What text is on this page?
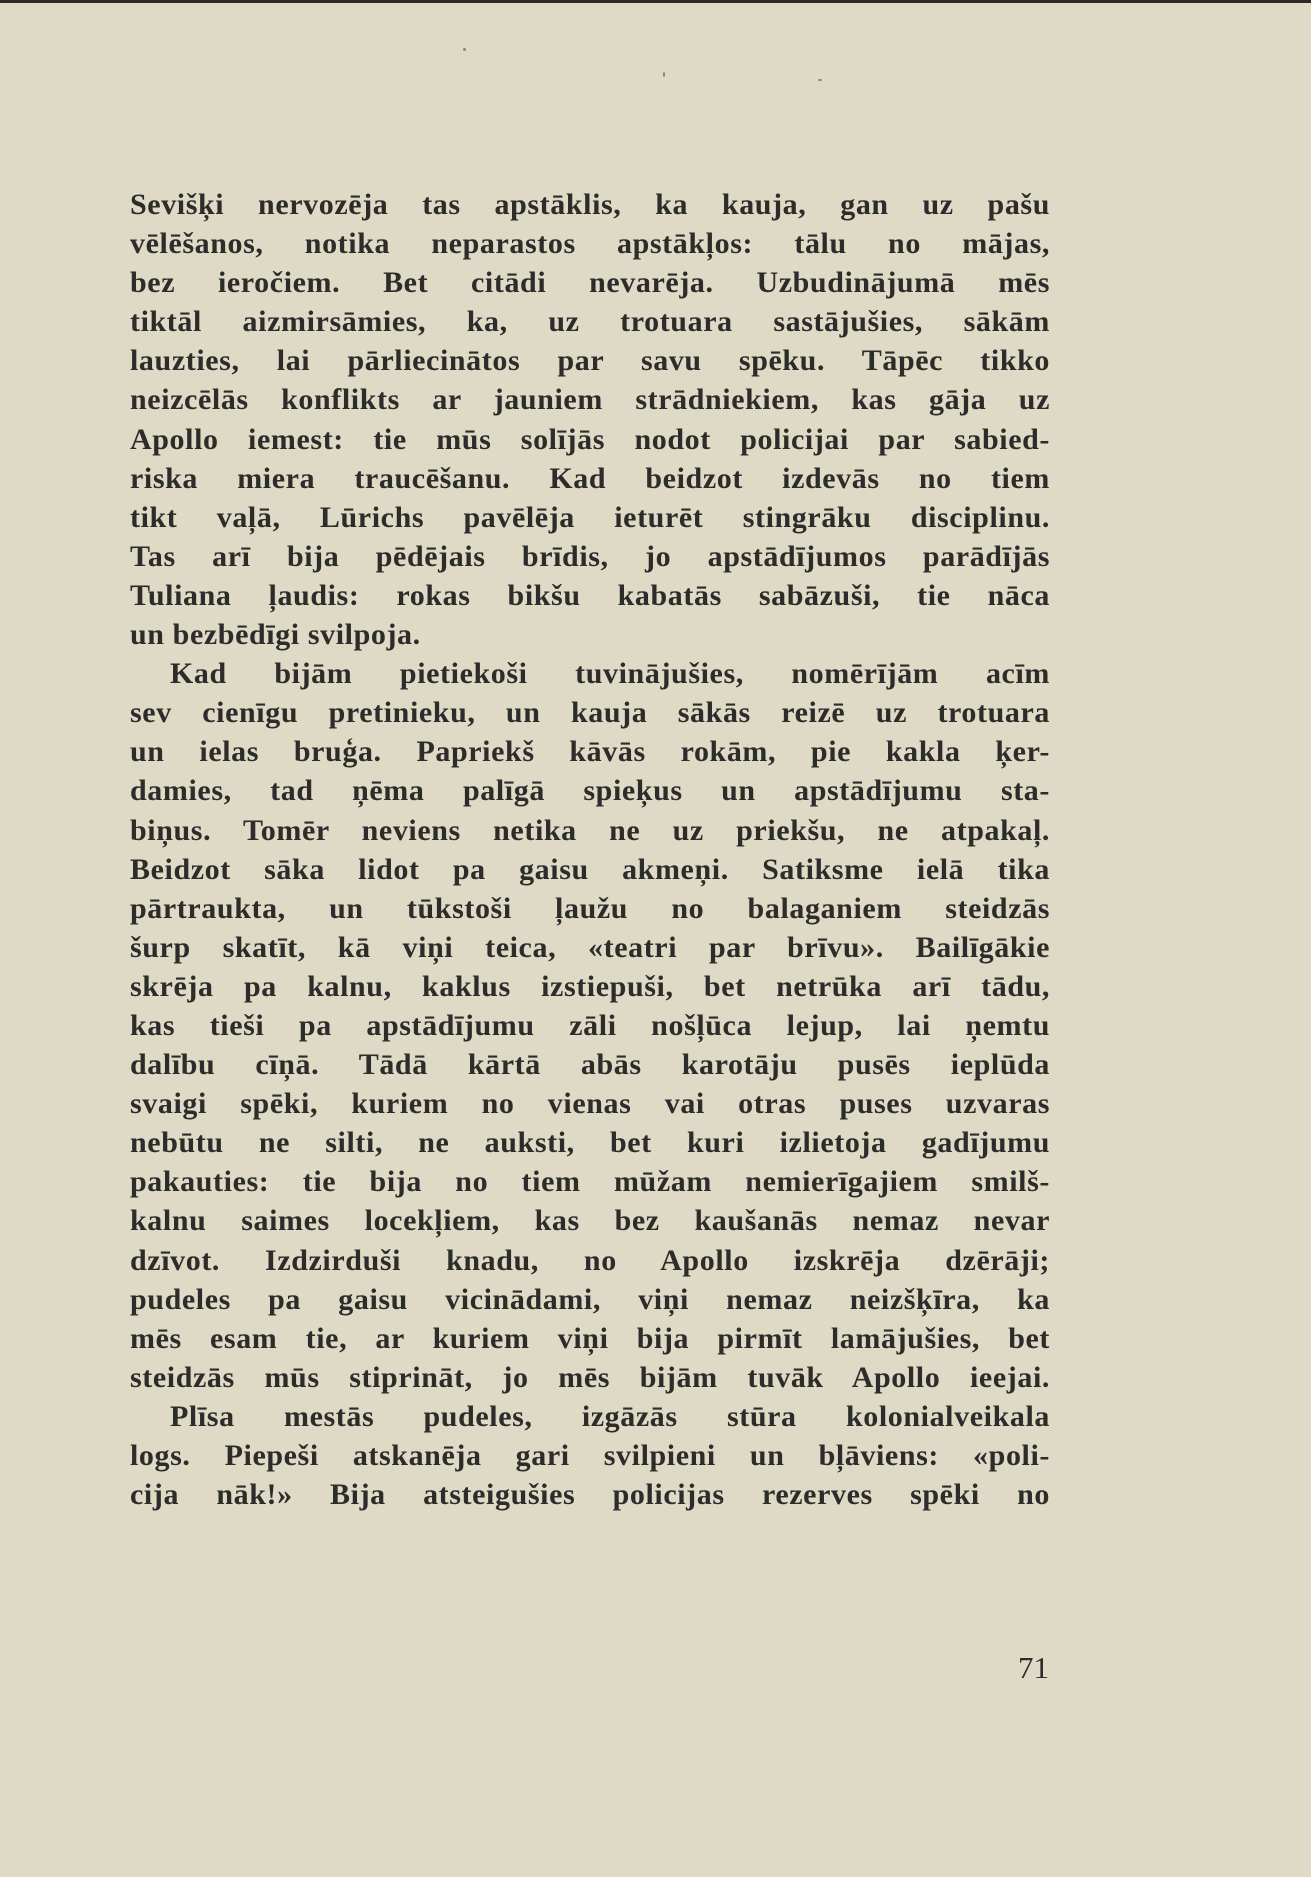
Sevišķi nervozēja tas apstāklis, ka kauja, gan uz pašu
vēlēšanos, notika neparastos apstākļos: tālu no mājas,
bez ieročiem. Bet citādi nevarēja. Uzbudinājumā mēs
tiktāl aizmirsāmies, ka, uz trotuara sastājušies, sākām
lauzties, lai pārliecinātos par savu spēku. Tāpēc tikko
neizcēlās konflikts ar jauniem strādniekiem, kas gāja uz
Apollo iemest: tie mūs solījās nodot policijai par sabied-
riska miera traucēšanu. Kad beidzot izdevās no tiem
tikt vaļā, Lūrichs pavēlēja ieturēt stingrāku disciplinu.
Tas arī bija pēdējais brīdis, jo apstādījumos parādījās
Tuliana ļaudis: rokas bikšu kabatās sabāzuši, tie nāca
un bezbēdīgi svilpoja.
Kad bijām pietiekoši tuvinājušies, nomērījām acīm
sev cienīgu pretinieku, un kauja sākās reizē uz trotuara
un ielas bruģa. Papriekš kāvās rokām, pie kakla ķer-
damies, tad ņēma palīgā spieķus un apstādījumu sta-
biņus. Tomēr neviens netika ne uz priekšu, ne atpakaļ.
Beidzot sāka lidot pa gaisu akmeņi. Satiksme ielā tika
pārtraukta, un tūkstoši ļaužu no balaganiem steidzās
šurp skatīt, kā viņi teica, «teatri par brīvu». Bailīgākie
skrēja pa kalnu, kaklus izstiepuši, bet netrūka arī tādu,
kas tieši pa apstādījumu zāli nošļūca lejup, lai ņemtu
dalību cīņā. Tādā kārtā abās karotāju pusēs ieplūda
svaigi spēki, kuriem no vienas vai otras puses uzvaras
nebūtu ne silti, ne auksti, bet kuri izlietoja gadījumu
pakauties: tie bija no tiem mūžam nemierīgajiem smilš-
kalnu saimes locekļiem, kas bez kaušanās nemaz nevar
dzīvot. Izdzirduši knadu, no Apollo izskrēja dzērāji;
pudeles pa gaisu vicinādami, viņi nemaz neizšķīra, ka
mēs esam tie, ar kuriem viņi bija pirmīt lamājušies, bet
steidzās mūs stiprināt, jo mēs bijām tuvāk Apollo ieejai.
Plīsa mestās pudeles, izgāzās stūra kolonialveikala
logs. Piepeši atskanēja gari svilpieni un bļāviens: «poli-
cija nāk!» Bija atsteigušies policijas rezerves spēki no
71
